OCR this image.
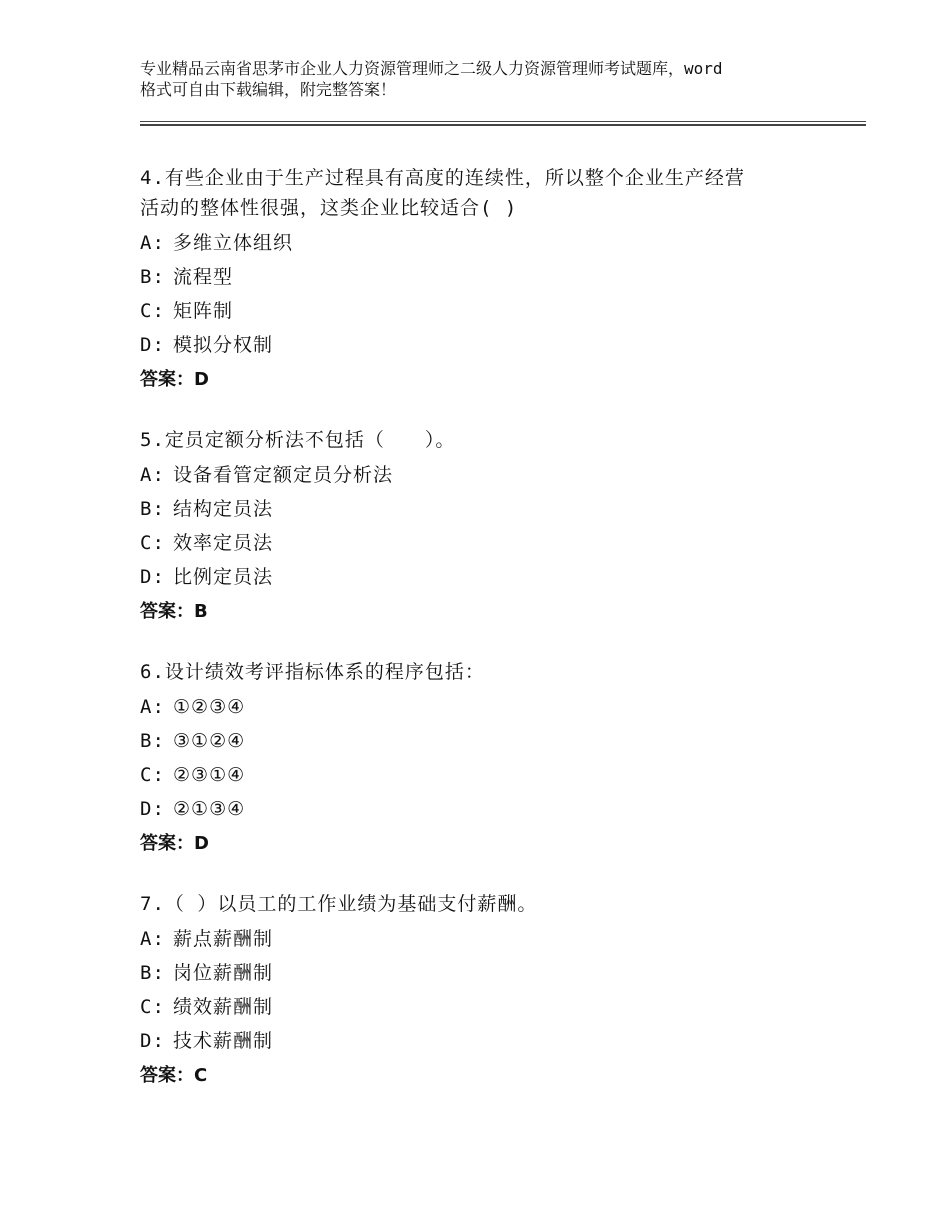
专业精品云南省思茅市企业人力资源管理师之二级人力资源管理师考试题库，word
格式可自由下载编辑，附完整答案！
4.有些企业由于生产过程具有高度的连续性，所以整个企业生产经营
活动的整体性很强，这类企业比较适合( )
A: 多维立体组织
B: 流程型
C: 矩阵制
D: 模拟分权制
答案：D
5.定员定额分析法不包括（　　）。
A: 设备看管定额定员分析法
B: 结构定员法
C: 效率定员法
D: 比例定员法
答案：B
6.设计绩效考评指标体系的程序包括：
A: ①②③④
B: ③①②④
C: ②③①④
D: ②①③④
答案：D
7.（ ）以员工的工作业绩为基础支付薪酬。
A: 薪点薪酬制
B: 岗位薪酬制
C: 绩效薪酬制
D: 技术薪酬制
答案：C
